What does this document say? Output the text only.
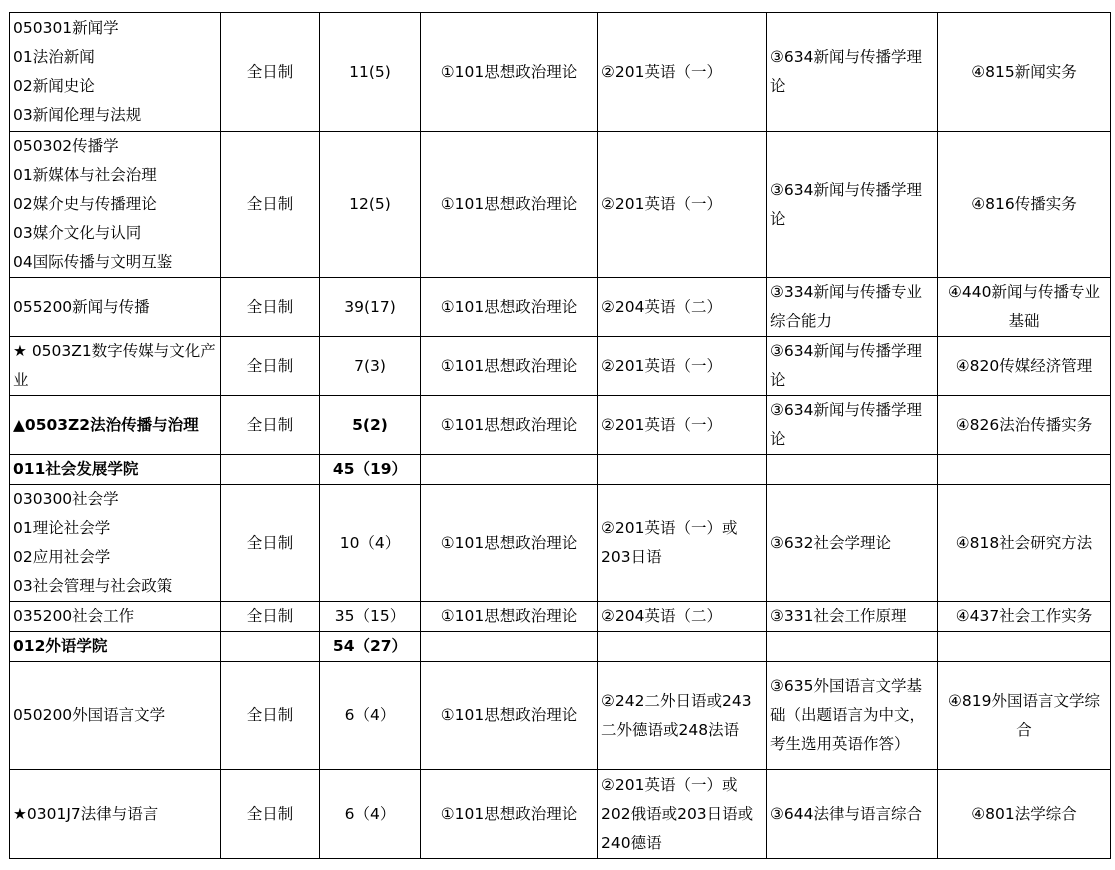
050301新闻学
01法治新闻
02新闻史论
03新闻伦理与法规	全日制	11(5)	①101思想政治理论	②201英语（一）	③634新闻与传播学理论	④815新闻实务

050302传播学
01新媒体与社会治理
02媒介史与传播理论
03媒介文化与认同
04国际传播与文明互鉴	全日制	12(5)	①101思想政治理论	②201英语（一）	③634新闻与传播学理论	④816传播实务

055200新闻与传播	全日制	39(17)	①101思想政治理论	②204英语（二）	③334新闻与传播专业综合能力	④440新闻与传播专业基础
★ 0503Z1数字传媒与文化产业	全日制	7(3)	①101思想政治理论	②201英语（一）	③634新闻与传播学理论	④820传媒经济管理

▲0503Z2法治传播与治理	全日制	5(2)	①101思想政治理论	②201英语（一）	③634新闻与传播学理论	④826法治传播实务
011社会发展学院		45（19）				

030300社会学
01理论社会学
02应用社会学
03社会管理与社会政策	全日制	10（4）	①101思想政治理论	②201英语（一）或203日语	③632社会学理论	④818社会研究方法

035200社会工作	全日制	35（15）	①101思想政治理论	②204英语（二）	③331社会工作原理	④437社会工作实务
012外语学院		54（27）				

050200外国语言文学	全日制	6（4）	①101思想政治理论	②242二外日语或243二外德语或248法语	③635外国语言文学基础（出题语言为中文，考生选用英语作答）	④819外国语言文学综合

★0301J7法律与语言	全日制	6（4）	①101思想政治理论	②201英语（一）或202俄语或203日语或 240德语	③644法律与语言综合	④801法学综合
